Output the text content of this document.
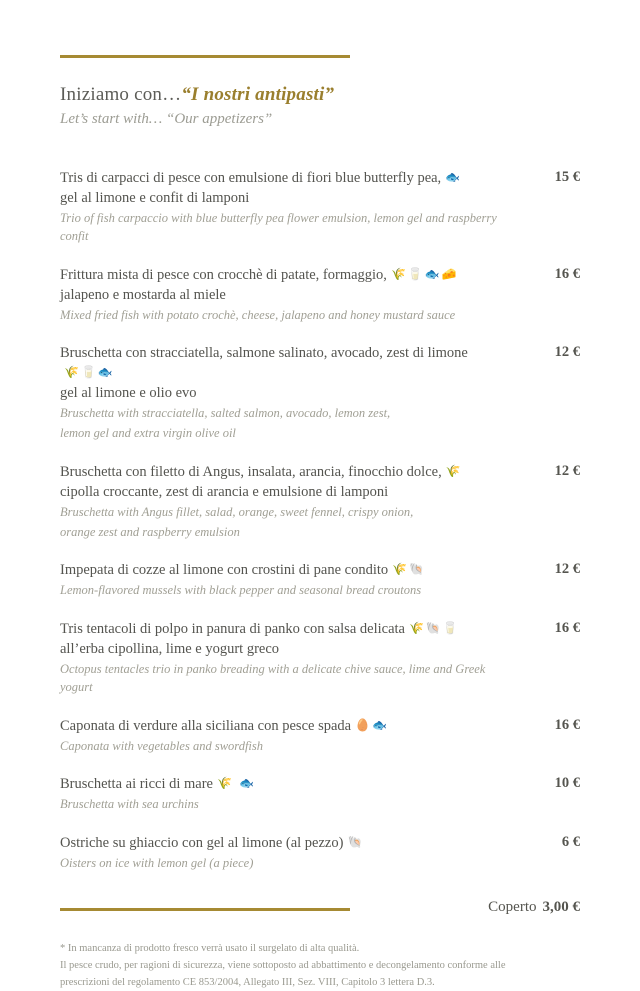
Iniziamo con…“I nostri antipasti”
Let’s start with… “Our appetizers”
Tris di carpacci di pesce con emulsione di fiori blue butterfly pea, 🐟
gel al limone e confit di lamponi
Trio of fish carpaccio with blue butterfly pea flower emulsion, lemon gel and raspberry confit
15 €
Frittura mista di pesce con crocchè di patate, formaggio, 🌾🥛🐟🧀
jalapeno e mostarda al miele
Mixed fried fish with potato crochè, cheese, jalapeno and honey mustard sauce
16 €
Bruschetta con stracciatella, salmone salinato, avocado, zest di limone🌾🥛🐟
gel al limone e olio evo
Bruschetta with stracciatella, salted salmon, avocado, lemon zest,
lemon gel and extra virgin olive oil
12 €
Bruschetta con filetto di Angus, insalata, arancia, finocchio dolce, 🌾
cipolla croccante, zest di arancia e emulsione di lamponi
Bruschetta with Angus fillet, salad, orange, sweet fennel, crispy onion,
orange zest and raspberry emulsion
12 €
Impepata di cozze al limone con crostini di pane condito 🌾🐚
Lemon-flavored mussels with black pepper and seasonal bread croutons
12 €
Tris tentacoli di polpo in panura di panko con salsa delicata 🌾🐚🥛
all’erba cipollina, lime e yogurt greco
Octopus tentacles trio in panko breading with a delicate chive sauce, lime and Greek yogurt
16 €
Caponata di verdure alla siciliana con pesce spada 🥚🐟
Caponata with vegetables and swordfish
16 €
Bruschetta ai ricci di mare 🌾 🐟
Bruschetta with sea urchins
10 €
Ostriche su ghiaccio con gel al limone (al pezzo) 🐚
Oisters on ice with lemon gel (a piece)
6 €
Coperto 3,00 €
* In mancanza di prodotto fresco verrà usato il surgelato di alta qualità.
Il pesce crudo, per ragioni di sicurezza, viene sottoposto ad abbattimento e decongelamento conforme alle
prescrizioni del regolamento CE 853/2004, Allegato III, Sez. VIII, Capitolo 3 lettera D.3.
